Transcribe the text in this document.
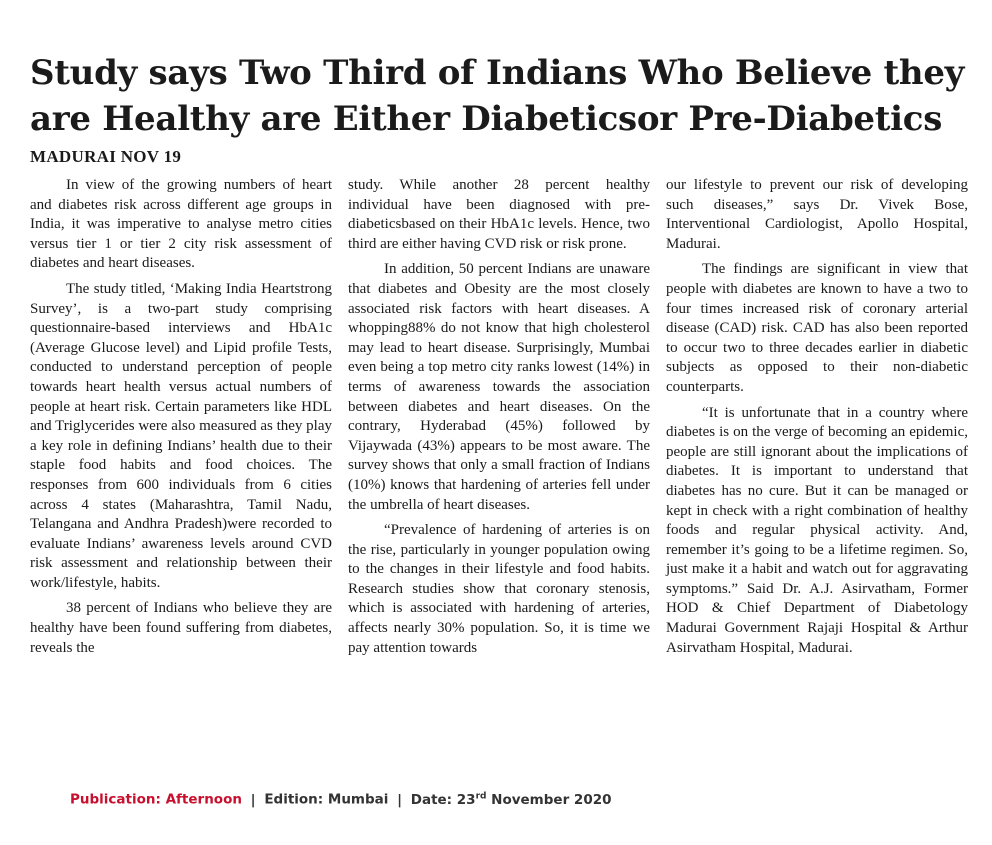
Study says Two Third of Indians Who Believe they
are Healthy are Either Diabeticsor Pre-Diabetics
MADURAI NOV 19

In view of the growing numbers of heart and diabetes risk across different age groups in India, it was imperative to analyse metro cities versus tier 1 or tier 2 city risk assessment of diabetes and heart diseases.

The study titled, ‘Making India Heartstrong Survey’, is a two-part study comprising questionnaire-based interviews and HbA1c (Average Glucose level) and Lipid profile Tests, conducted to understand perception of people towards heart health versus actual numbers of people at heart risk. Certain parameters like HDL and Triglycerides were also measured as they play a key role in defining Indians’ health due to their staple food habits and food choices. The responses from 600 individuals from 6 cities across 4 states (Maharashtra, Tamil Nadu, Telangana and Andhra Pradesh)were recorded to evaluate Indians’ awareness levels around CVD risk assessment and relationship between their work/lifestyle, habits.

38 percent of Indians who believe they are healthy have been found suffering from diabetes, reveals the

study. While another 28 percent healthy individual have been diagnosed with pre-diabeticsbased on their HbA1c levels. Hence, two third are either having CVD risk or risk prone.

In addition, 50 percent Indians are unaware that diabetes and Obesity are the most closely associated risk factors with heart diseases. A whopping88% do not know that high cholesterol may lead to heart disease. Surprisingly, Mumbai even being a top metro city ranks lowest (14%) in terms of awareness towards the association between diabetes and heart diseases. On the contrary, Hyderabad (45%) followed by Vijaywada (43%) appears to be most aware. The survey shows that only a small fraction of Indians (10%) knows that hardening of arteries fell under the umbrella of heart diseases.

“Prevalence of hardening of arteries is on the rise, particularly in younger population owing to the changes in their lifestyle and food habits. Research studies show that coronary stenosis, which is associated with hardening of arteries, affects nearly 30% population. So, it is time we pay attention towards

our lifestyle to prevent our risk of developing such diseases,” says Dr. Vivek Bose, Interventional Cardiologist, Apollo Hospital, Madurai.

The findings are significant in view that people with diabetes are known to have a two to four times increased risk of coronary arterial disease (CAD) risk. CAD has also been reported to occur two to three decades earlier in diabetic subjects as opposed to their non-diabetic counterparts.

“It is unfortunate that in a country where diabetes is on the verge of becoming an epidemic, people are still ignorant about the implications of diabetes. It is important to understand that diabetes has no cure. But it can be managed or kept in check with a right combination of healthy foods and regular physical activity. And, remember it’s going to be a lifetime regimen. So, just make it a habit and watch out for aggravating symptoms.” Said Dr. A.J. Asirvatham, Former HOD & Chief Department of Diabetology Madurai Government Rajaji Hospital & Arthur Asirvatham Hospital, Madurai.

Publication: Afternoon | Edition: Mumbai | Date: 23rd November 2020
